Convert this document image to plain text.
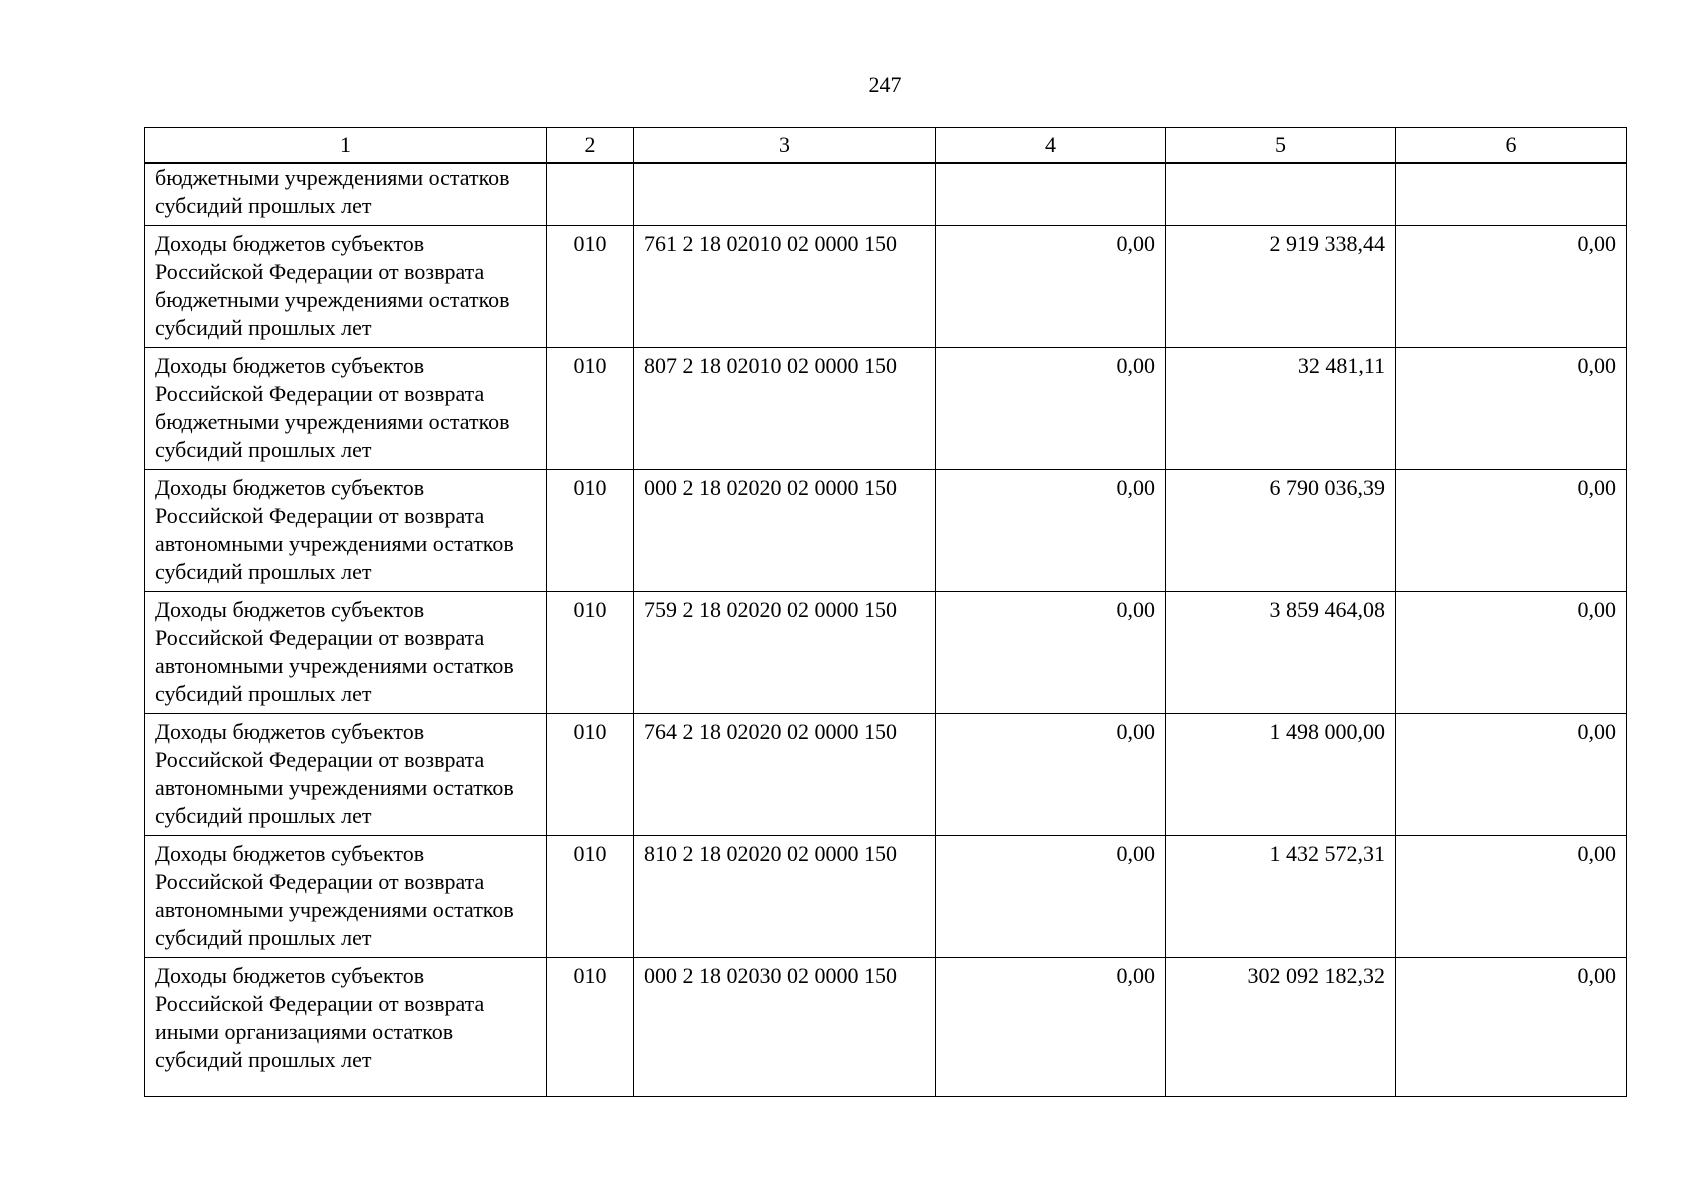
247
1	2	3	4	5	6
бюджетными учреждениями остатков субсидий прошлых лет					
Доходы бюджетов субъектов Российской Федерации от возврата бюджетными учреждениями остатков субсидий прошлых лет	010	761 2 18 02010 02 0000 150	0,00	2 919 338,44	0,00
Доходы бюджетов субъектов Российской Федерации от возврата бюджетными учреждениями остатков субсидий прошлых лет	010	807 2 18 02010 02 0000 150	0,00	32 481,11	0,00
Доходы бюджетов субъектов Российской Федерации от возврата автономными учреждениями остатков субсидий прошлых лет	010	000 2 18 02020 02 0000 150	0,00	6 790 036,39	0,00
Доходы бюджетов субъектов Российской Федерации от возврата автономными учреждениями остатков субсидий прошлых лет	010	759 2 18 02020 02 0000 150	0,00	3 859 464,08	0,00
Доходы бюджетов субъектов Российской Федерации от возврата автономными учреждениями остатков субсидий прошлых лет	010	764 2 18 02020 02 0000 150	0,00	1 498 000,00	0,00
Доходы бюджетов субъектов Российской Федерации от возврата автономными учреждениями остатков субсидий прошлых лет	010	810 2 18 02020 02 0000 150	0,00	1 432 572,31	0,00
Доходы бюджетов субъектов Российской Федерации от возврата иными организациями остатков субсидий прошлых лет	010	000 2 18 02030 02 0000 150	0,00	302 092 182,32	0,00
